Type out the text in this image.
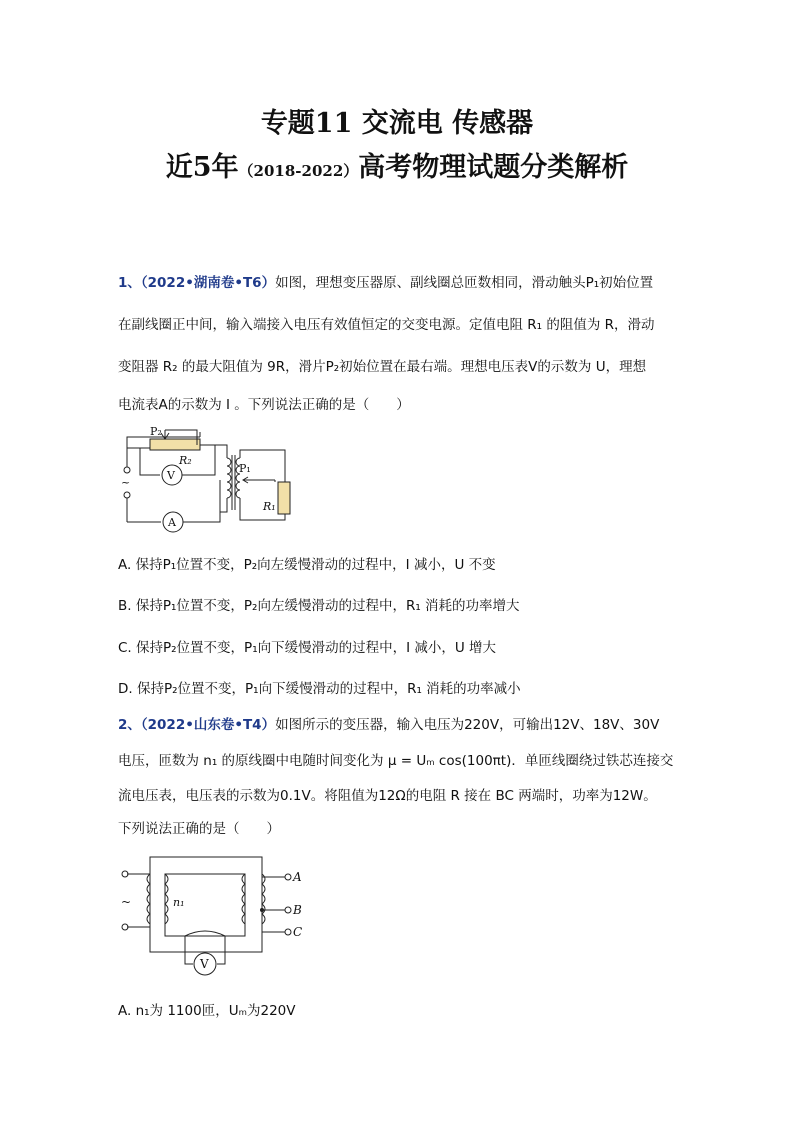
专题11 交流电 传感器
近5年（2018-2022）高考物理试题分类解析
1、（2022•湖南卷•T6）如图，理想变压器原、副线圈总匝数相同，滑动触头P₁初始位置
在副线圈正中间，输入端接入电压有效值恒定的交变电源。定值电阻 R₁ 的阻值为 R，滑动
变阻器 R₂ 的最大阻值为 9R，滑片P₂初始位置在最右端。理想电压表V的示数为 U，理想
电流表A的示数为 I 。下列说法正确的是（　　）
P₂
R₂
V
A
P₁
R₁
~
A. 保持P₁位置不变，P₂向左缓慢滑动的过程中，I 减小，U 不变
B. 保持P₁位置不变，P₂向左缓慢滑动的过程中，R₁ 消耗的功率增大
C. 保持P₂位置不变，P₁向下缓慢滑动的过程中，I 减小，U 增大
D. 保持P₂位置不变，P₁向下缓慢滑动的过程中，R₁ 消耗的功率减小
2、（2022•山东卷•T4）如图所示的变压器，输入电压为220V，可输出12V、18V、30V
电压，匝数为 n₁ 的原线圈中电随时间变化为 μ = Uₘ cos(100πt)．单匝线圈绕过铁芯连接交
流电压表，电压表的示数为0.1V。将阻值为12Ω的电阻 R 接在 BC 两端时，功率为12W。
下列说法正确的是（　　）
A
B
C
n₁
V
~
A. n₁为 1100匝，Uₘ为220V
